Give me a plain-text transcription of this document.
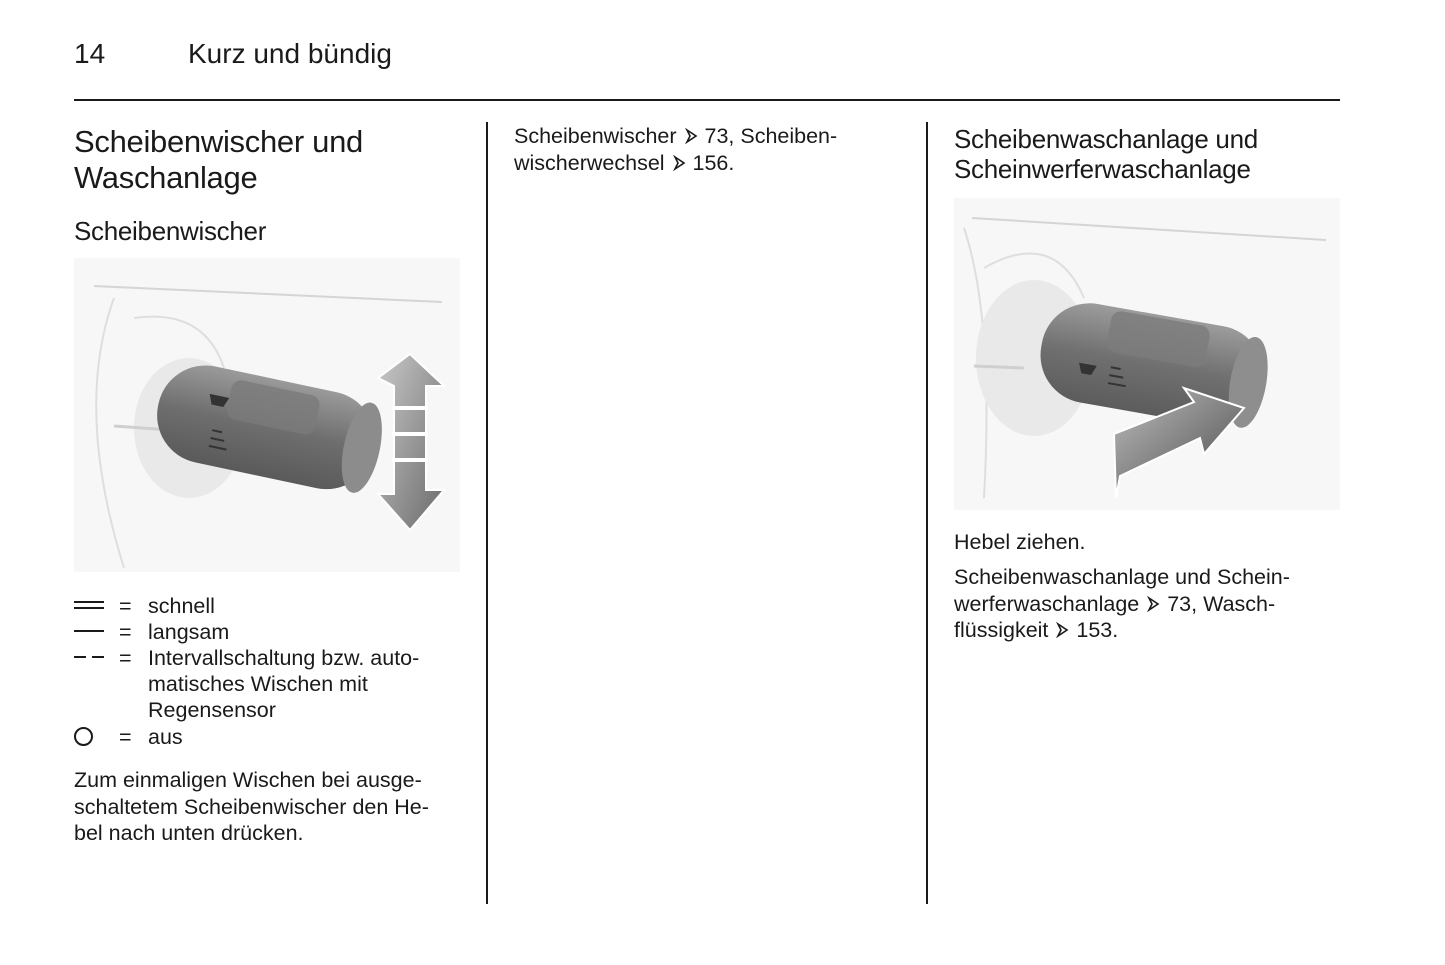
14	Kurz und bündig
Scheibenwischer und
Waschanlage
Scheibenwischer
= schnell
= langsam
= Intervallschaltung bzw. auto-
matisches Wischen mit
Regensensor
= aus
Zum einmaligen Wischen bei ausge-
schaltetem Scheibenwischer den He-
bel nach unten drücken.
Scheibenwischer  73, Scheiben-
wischerwechsel  156.
Scheibenwaschanlage und
Scheinwerferwaschanlage
Hebel ziehen.
Scheibenwaschanlage und Schein-
werferwaschanlage  73, Wasch-
flüssigkeit  153.
